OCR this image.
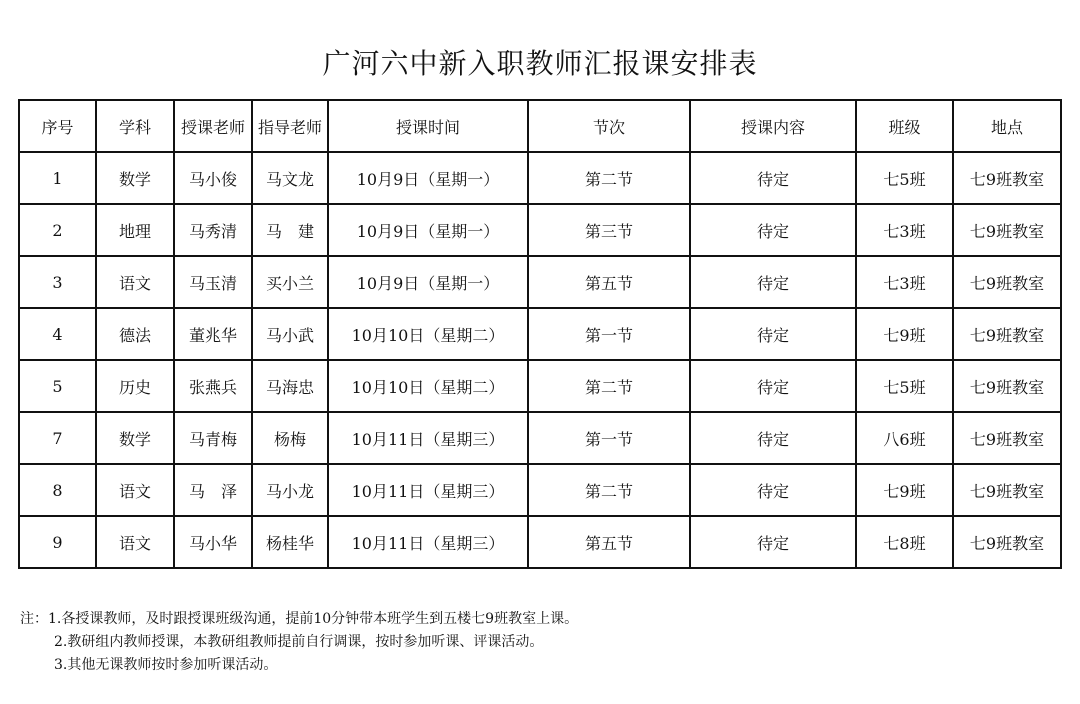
广河六中新入职教师汇报课安排表
序号	学科	授课老师	指导老师	授课时间	节次	授课内容	班级	地点
1	数学	马小俊	马文龙	10月9日（星期一）	第二节	待定	七5班	七9班教室
2	地理	马秀清	马　建	10月9日（星期一）	第三节	待定	七3班	七9班教室
3	语文	马玉清	买小兰	10月9日（星期一）	第五节	待定	七3班	七9班教室
4	德法	董兆华	马小武	10月10日（星期二）	第一节	待定	七9班	七9班教室
5	历史	张燕兵	马海忠	10月10日（星期二）	第二节	待定	七5班	七9班教室
7	数学	马青梅	杨梅	10月11日（星期三）	第一节	待定	八6班	七9班教室
8	语文	马　泽	马小龙	10月11日（星期三）	第二节	待定	七9班	七9班教室
9	语文	马小华	杨桂华	10月11日（星期三）	第五节	待定	七8班	七9班教室
注：1.各授课教师，及时跟授课班级沟通，提前10分钟带本班学生到五楼七9班教室上课。
2.教研组内教师授课，本教研组教师提前自行调课，按时参加听课、评课活动。
3.其他无课教师按时参加听课活动。
